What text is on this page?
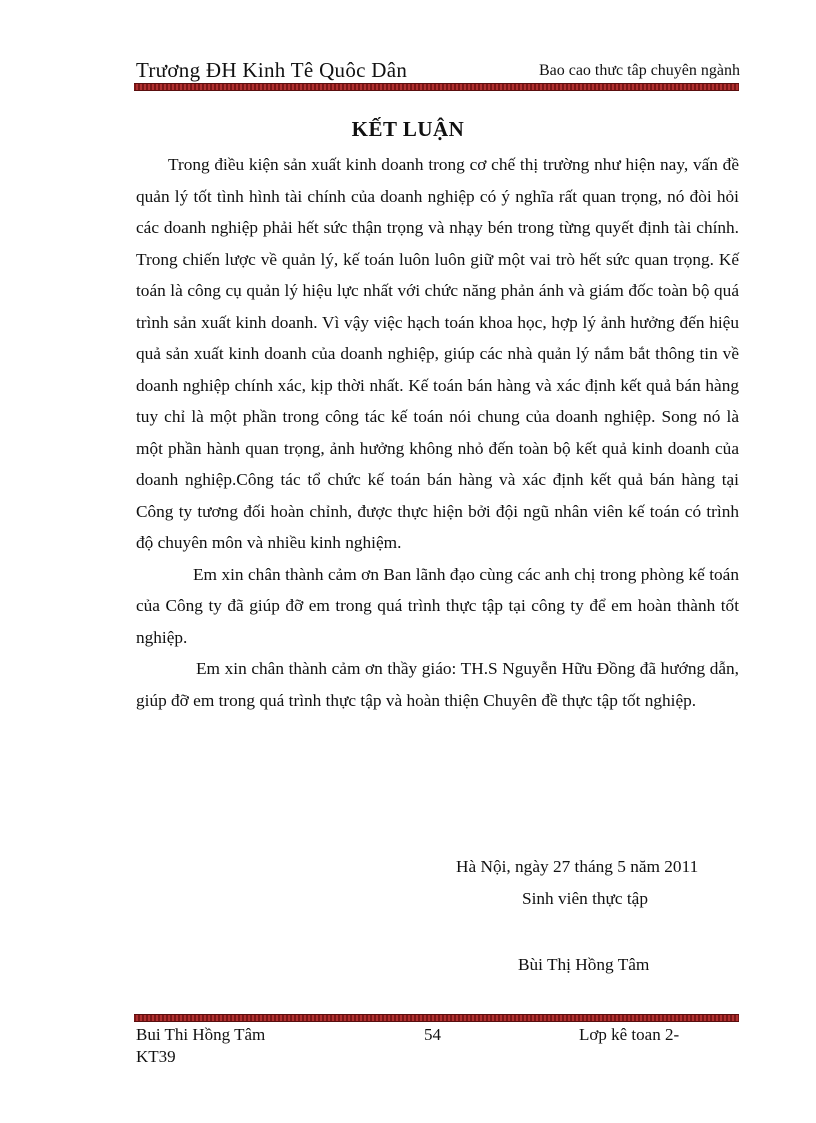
Trương ĐH Kinh Tê Quôc Dân	Bao cao thưc tâp chuyên ngành
KẾT LUẬN

Trong điều kiện sản xuất kinh doanh trong cơ chế thị trường như hiện nay, vấn đề quản lý tốt tình hình tài chính của doanh nghiệp có ý nghĩa rất quan trọng, nó đòi hỏi các doanh nghiệp phải hết sức thận trọng và nhạy bén trong từng quyết định tài chính. Trong chiến lược về quản lý, kế toán luôn luôn giữ một vai trò hết sức quan trọng. Kế toán là công cụ quản lý hiệu lực nhất với chức năng phản ánh và giám đốc toàn bộ quá trình sản xuất kinh doanh. Vì vậy việc hạch toán khoa học, hợp lý ảnh hưởng đến hiệu quả sản xuất kinh doanh của doanh nghiệp, giúp các nhà quản lý nắm bắt thông tin về doanh nghiệp chính xác, kịp thời nhất. Kế toán bán hàng và xác định kết quả bán hàng tuy chỉ là một phần trong công tác kế toán nói chung của doanh nghiệp. Song nó là một phần hành quan trọng, ảnh hưởng không nhỏ đến toàn bộ kết quả kinh doanh của doanh nghiệp.Công tác tổ chức kế toán bán hàng và xác định kết quả bán hàng tại Công ty tương đối hoàn chỉnh, được thực hiện bởi đội ngũ nhân viên kế toán có trình độ chuyên môn và nhiều kinh nghiệm.

Em xin chân thành cảm ơn Ban lãnh đạo cùng các anh chị trong phòng kế toán của Công ty đã giúp đỡ em trong quá trình thực tập tại công ty để em hoàn thành tốt nghiệp.

Em xin chân thành cảm ơn thầy giáo: TH.S Nguyễn Hữu Đồng đã hướng dẫn, giúp đỡ em trong quá trình thực tập và hoàn thiện Chuyên đề thực tập tốt nghiệp.

Hà Nội, ngày 27 tháng 5 năm 2011
Sinh viên thực tập
Bùi Thị Hồng Tâm
Bui Thi Hồng Tâm	54	Lơp kê toan 2-
KT39
